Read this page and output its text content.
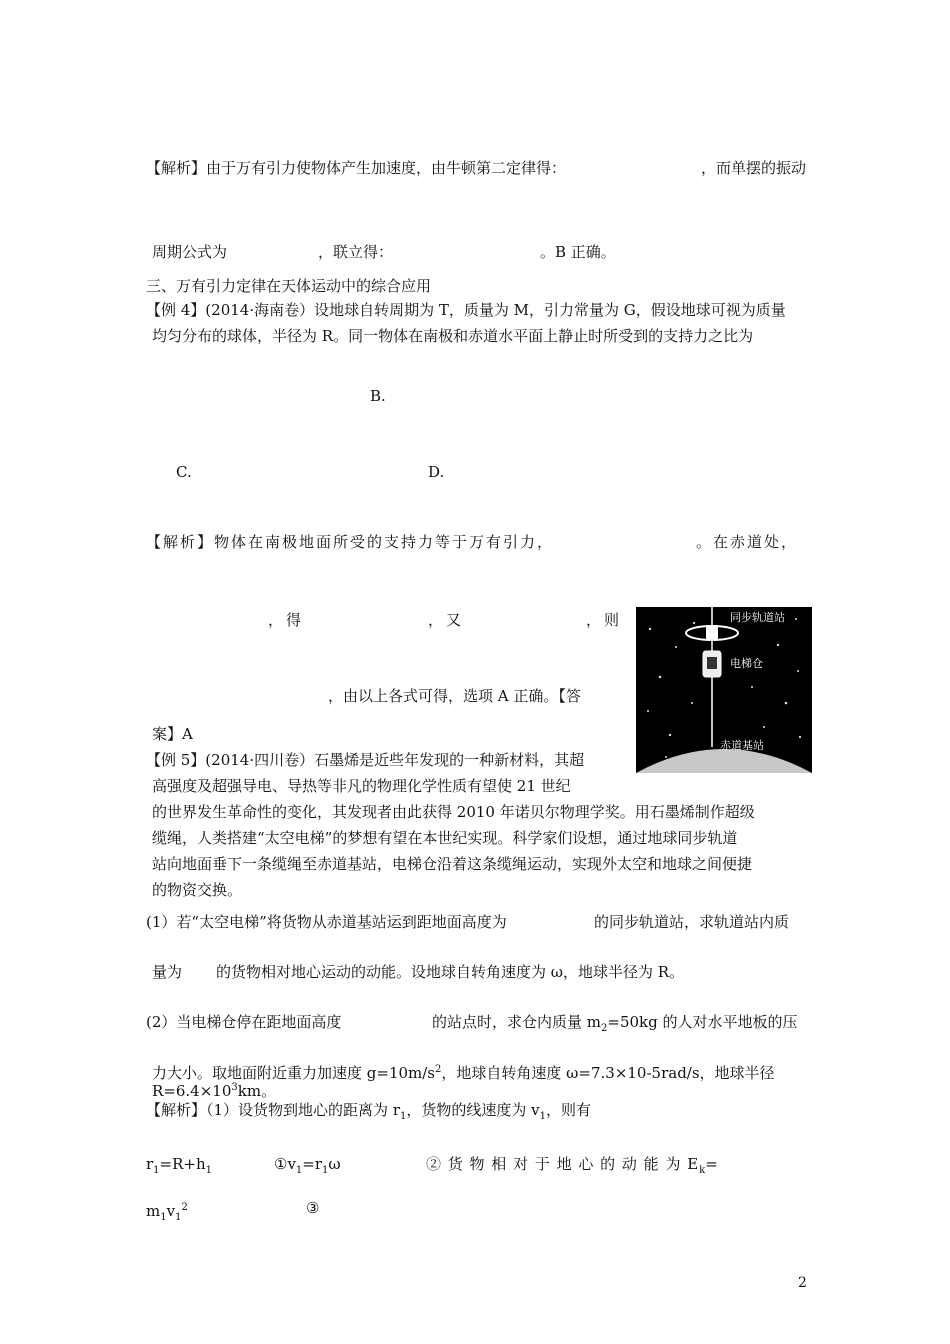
【解析】由于万有引力使物体产生加速度，由牛顿第二定律得：	，而单摆的振动
周期公式为	，联立得：	。B 正确。
三、万有引力定律在天体运动中的综合应用
【例 4】(2014·海南卷）设地球自转周期为 T，质量为 M，引力常量为 G，假设地球可视为质量
均匀分布的球体，半径为 R。同一物体在南极和赤道水平面上静止时所受到的支持力之比为
B.
C.	D.
【解析】物体在南极地面所受的支持力等于万有引力，	。在赤道处，
，得	，又	，则
，由以上各式可得，选项 A 正确。【答
案】A
【例 5】(2014·四川卷）石墨烯是近些年发现的一种新材料，其超
高强度及超强导电、导热等非凡的物理化学性质有望使 21 世纪
的世界发生革命性的变化，其发现者由此获得 2010 年诺贝尔物理学奖。用石墨烯制作超级
缆绳，人类搭建“太空电梯”的梦想有望在本世纪实现。科学家们设想，通过地球同步轨道
站向地面垂下一条缆绳至赤道基站，电梯仓沿着这条缆绳运动，实现外太空和地球之间便捷
的物资交换。
(1）若“太空电梯”将货物从赤道基站运到距地面高度为	的同步轨道站，求轨道站内质
量为 的货物相对地心运动的动能。设地球自转角速度为 ω，地球半径为 R。
(2）当电梯仓停在距地面高度	的站点时，求仓内质量 $m_2=50kg$ 的人对水平地板的压
力大小。取地面附近重力加速度 $g=10m/s^2$，地球自转角速度 ω=7.3×10-5rad/s，地球半径
$R=6.4\times 10^3km$。
【解析】（1）设货物到地心的距离为 $r_1$，货物的线速度为 $v_1$，则有
$r_1=R+h_1$	$①v_1=r_1\omega$	② 货 物 相 对 于 地 心 的 动 能 为 $E_k=$
$m_1v_1^2$	③
同步轨道站
电梯仓
赤道基站
2
